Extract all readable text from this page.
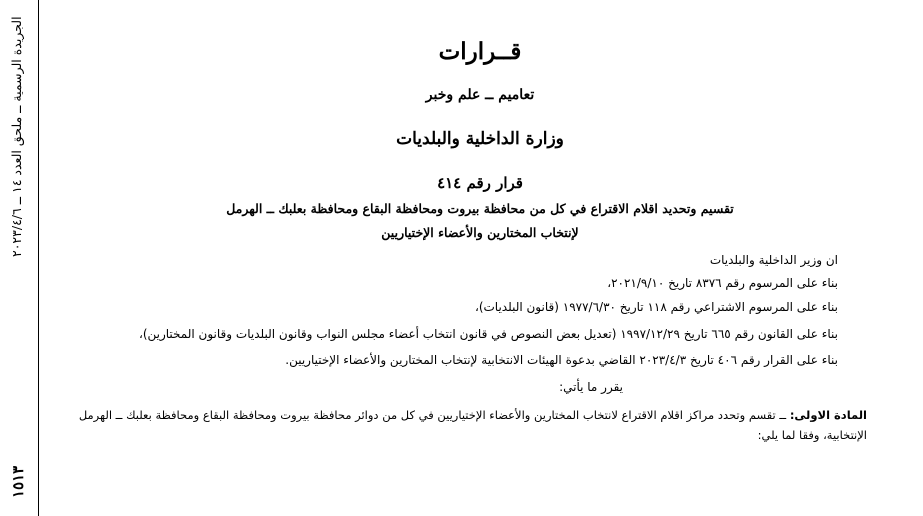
الجريدة الرسمية ــ ملحق العدد ١٤ ــ ٢٠٢٣/٤/٦
١٥١٣
قــرارات
تعاميم ــ علم وخبر
وزارة الداخلية والبلديات
قرار رقم ٤١٤
تقسيم وتحديد اقلام الاقتراع في كل من محافظة بيروت ومحافظة البقاع ومحافظة بعلبك ــ الهرمل
لإنتخاب المختارين والأعضاء الإختياريين
ان وزير الداخلية والبلديات
بناء على المرسوم رقم ٨٣٧٦ تاريخ ٢٠٢١/٩/١٠،
بناء على المرسوم الاشتراعي رقم ١١٨ تاريخ ١٩٧٧/٦/٣٠ (قانون البلديات)،
بناء على القانون رقم ٦٦٥ تاريخ ١٩٩٧/١٢/٢٩ (تعديل بعض النصوص في قانون انتخاب أعضاء مجلس النواب وقانون البلديات وقانون المختارين)،
بناء على القرار رقم ٤٠٦ تاريخ ٢٠٢٣/٤/٣ القاضي بدعوة الهيئات الانتخابية لإنتخاب المختارين والأعضاء الإختياريين.
يقرر ما يأتي:
المادة الاولى: ــ تقسم وتحدد مراكز اقلام الاقتراع لانتخاب المختارين والأعضاء الإختياريين في كل من دوائر محافظة بيروت ومحافظة البقاع ومحافظة بعلبك ــ الهرمل الإنتخابية، وفقا لما يلي:
